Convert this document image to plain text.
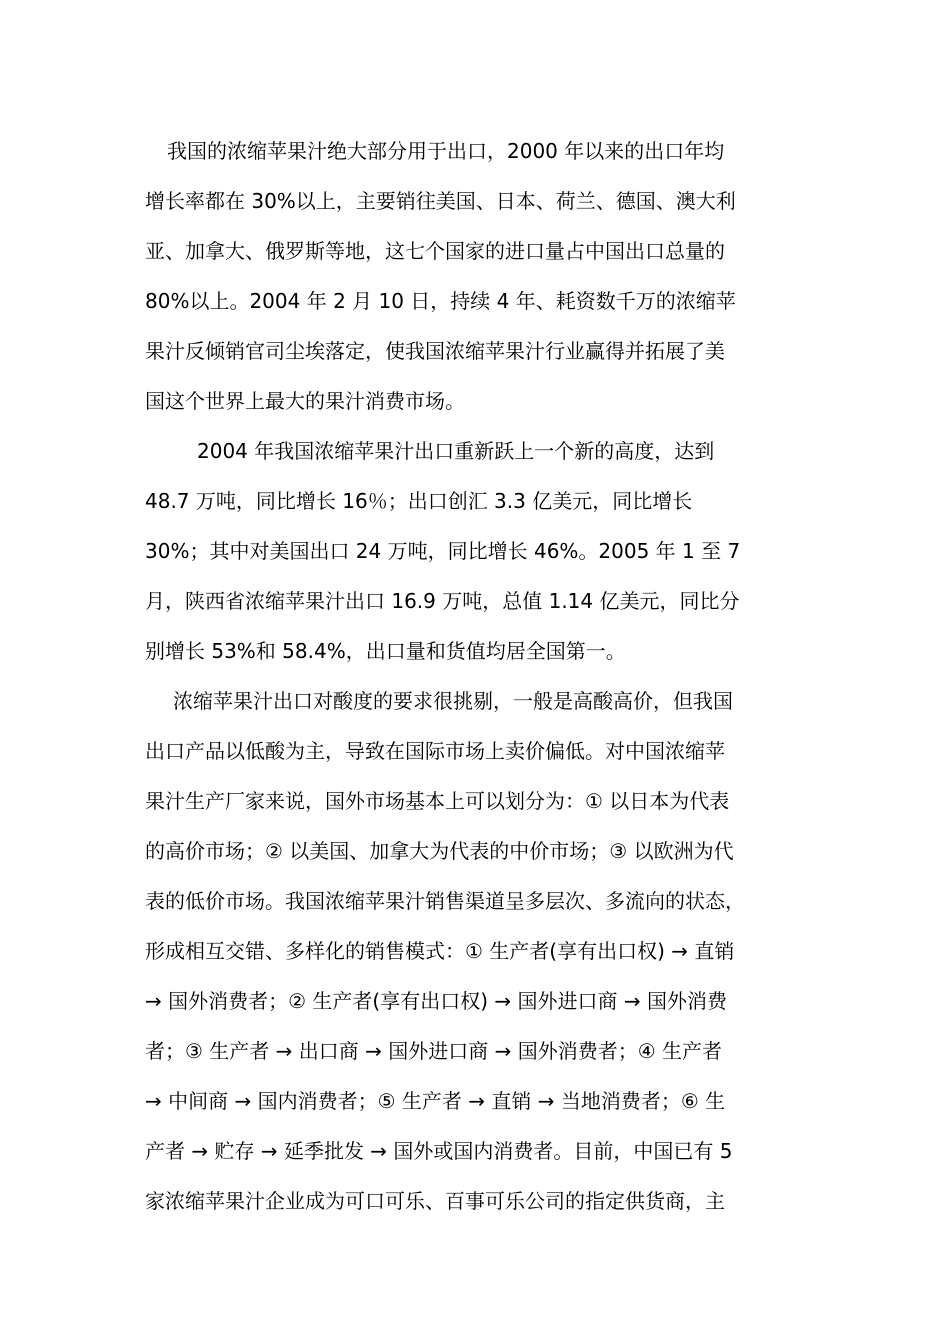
我国的浓缩苹果汁绝大部分用于出口，2000 年以来的出口年均
增长率都在 30%以上，主要销往美国、日本、荷兰、德国、澳大利
亚、加拿大、俄罗斯等地，这七个国家的进口量占中国出口总量的
80%以上。2004 年 2 月 10 日，持续 4 年、耗资数千万的浓缩苹
果汁反倾销官司尘埃落定，使我国浓缩苹果汁行业赢得并拓展了美
国这个世界上最大的果汁消费市场。
2004 年我国浓缩苹果汁出口重新跃上一个新的高度，达到
48.7 万吨，同比增长 16％；出口创汇 3.3 亿美元，同比增长
30%；其中对美国出口 24 万吨，同比增长 46%。2005 年 1 至 7
月，陕西省浓缩苹果汁出口 16.9 万吨，总值 1.14 亿美元，同比分
别增长 53%和 58.4%，出口量和货值均居全国第一。
浓缩苹果汁出口对酸度的要求很挑剔，一般是高酸高价，但我国
出口产品以低酸为主，导致在国际市场上卖价偏低。对中国浓缩苹
果汁生产厂家来说，国外市场基本上可以划分为：① 以日本为代表
的高价市场；② 以美国、加拿大为代表的中价市场；③ 以欧洲为代
表的低价市场。我国浓缩苹果汁销售渠道呈多层次、多流向的状态，
形成相互交错、多样化的销售模式：① 生产者(享有出口权) → 直销
→ 国外消费者；② 生产者(享有出口权) → 国外进口商 → 国外消费
者；③ 生产者 → 出口商 → 国外进口商 → 国外消费者；④ 生产者
→ 中间商 → 国内消费者；⑤ 生产者 → 直销 → 当地消费者；⑥ 生
产者 → 贮存 → 延季批发 → 国外或国内消费者。目前，中国已有 5
家浓缩苹果汁企业成为可口可乐、百事可乐公司的指定供货商，主
